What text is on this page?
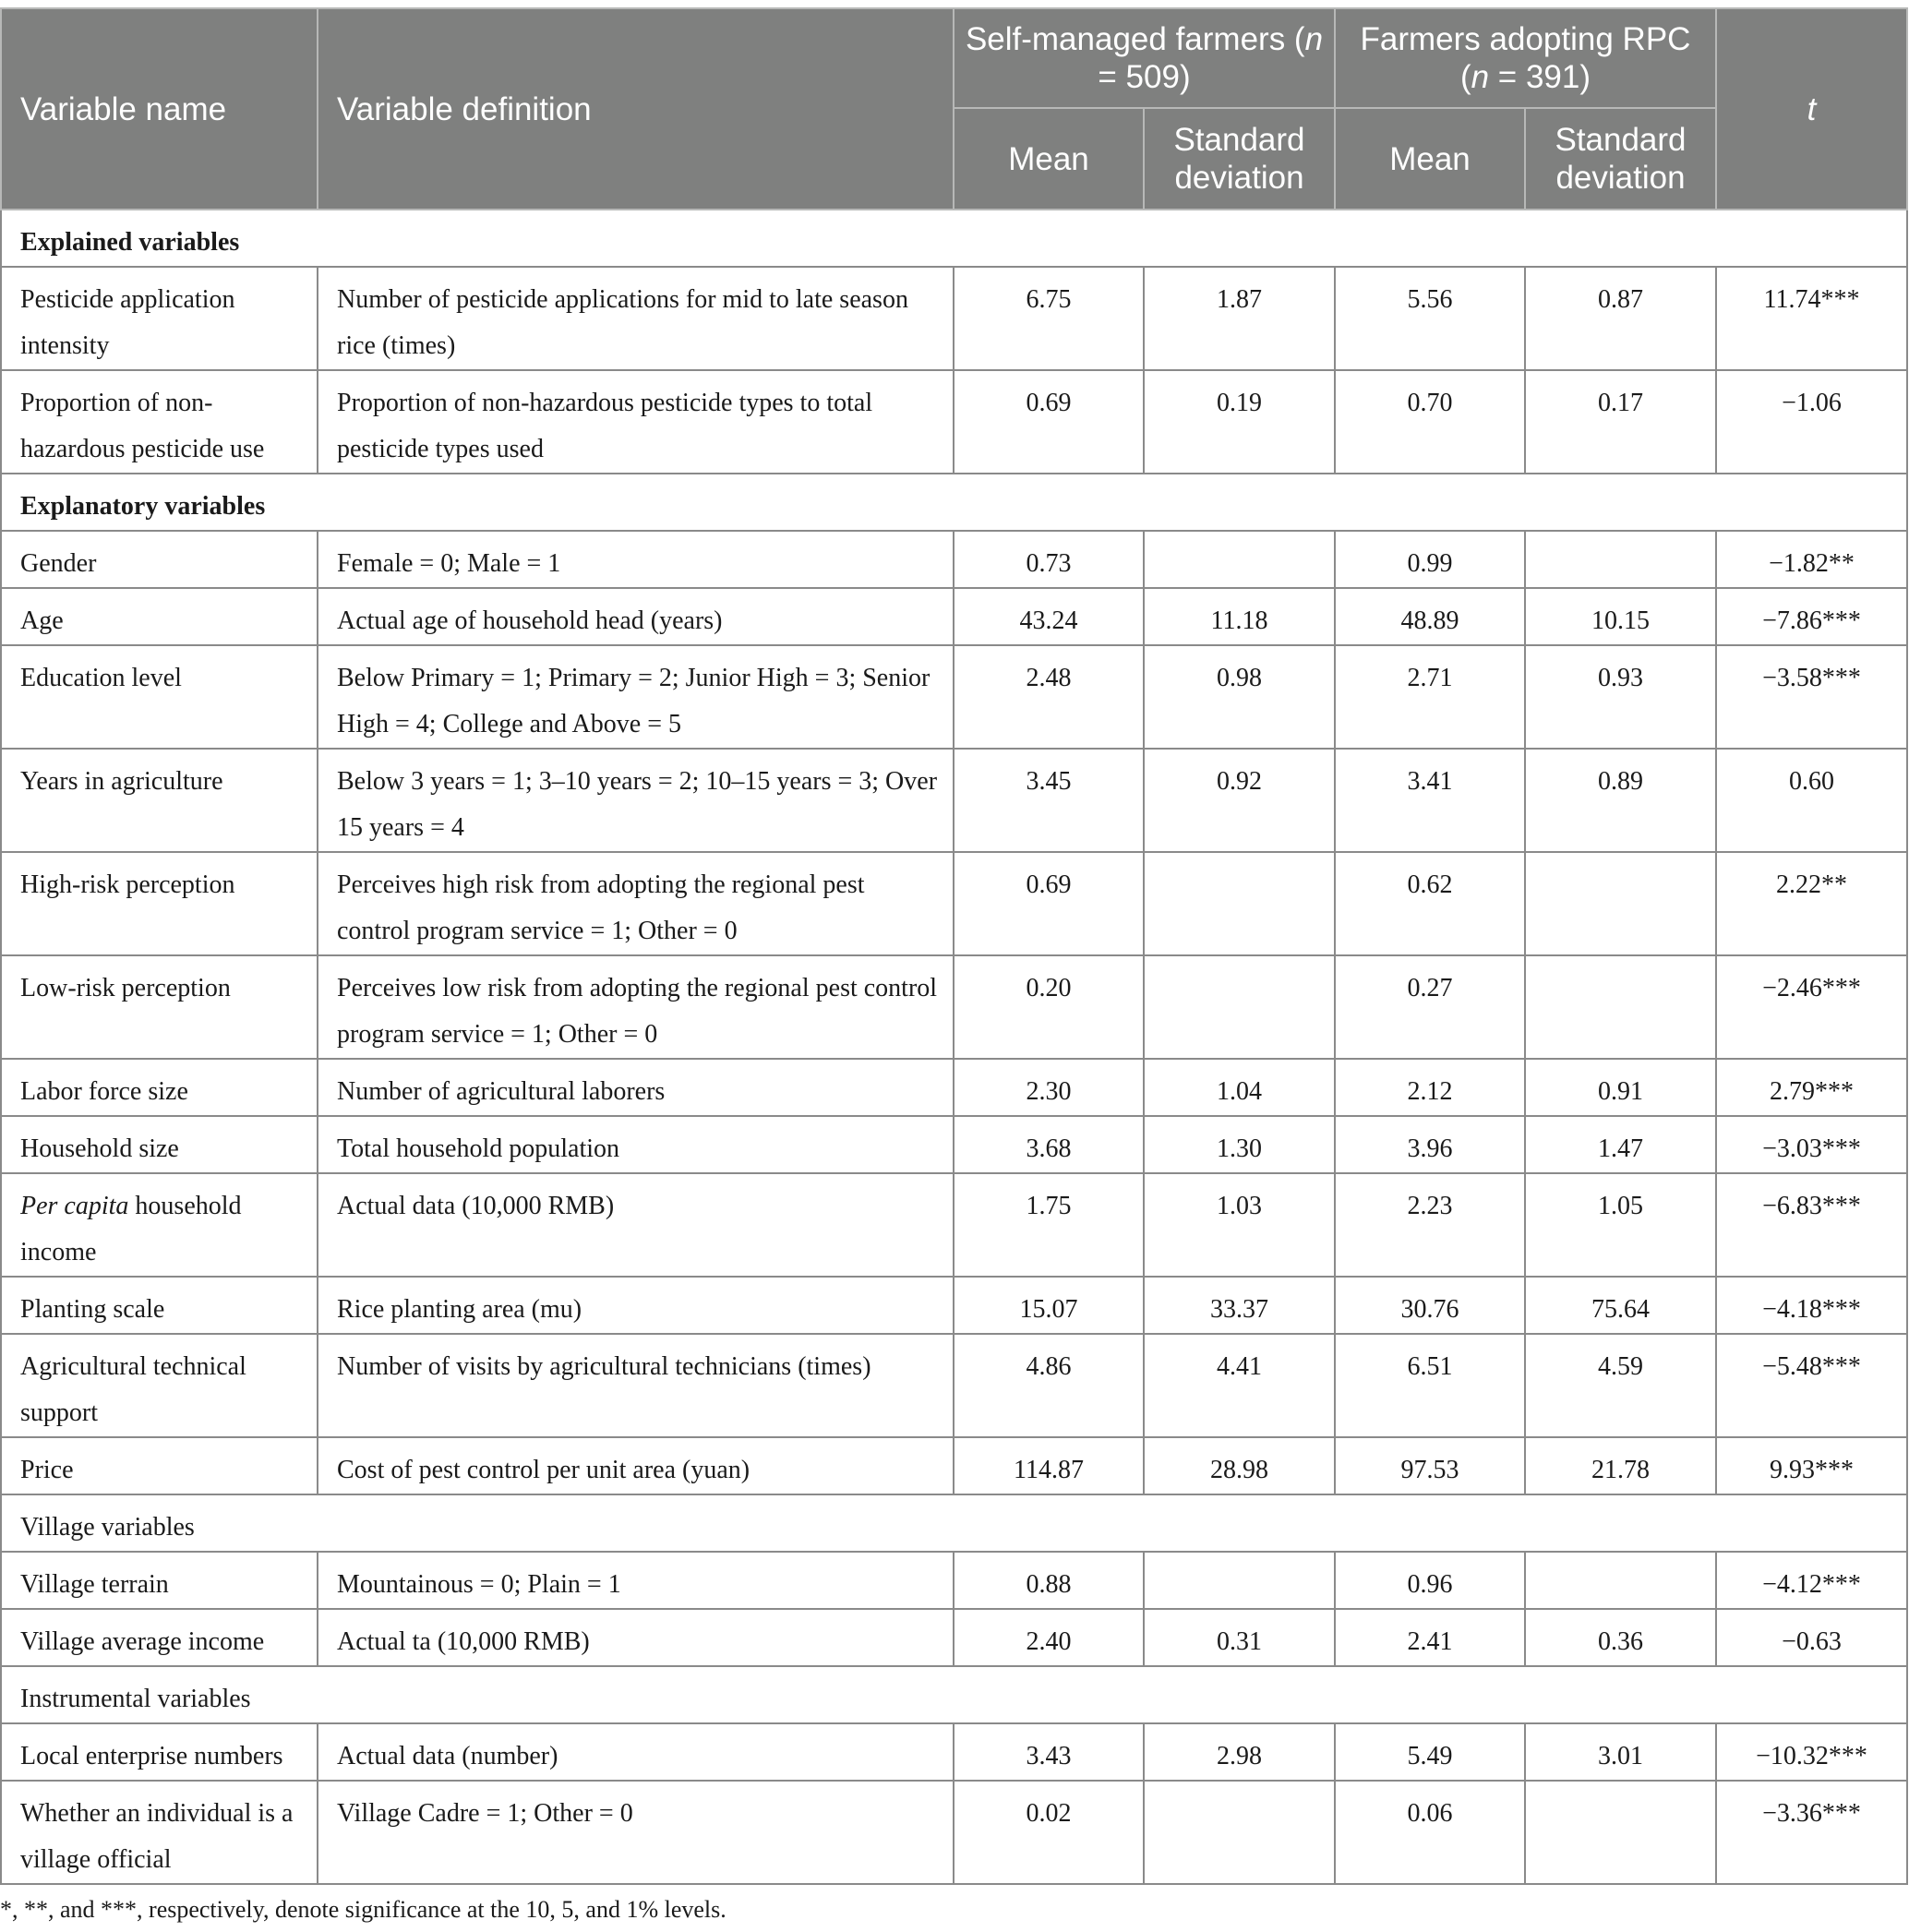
Variable name	Variable definition	Self-managed farmers (n = 509)		Farmers adopting RPC (n = 391)		t
		Mean	Standard deviation	Mean	Standard deviation	
Explained variables						
Pesticide application intensity	Number of pesticide applications for mid to late season rice (times)	6.75	1.87	5.56	0.87	11.74***
Proportion of non-hazardous pesticide use	Proportion of non-hazardous pesticide types to total pesticide types used	0.69	0.19	0.70	0.17	−1.06
Explanatory variables						
Gender	Female = 0; Male = 1	0.73		0.99		−1.82**
Age	Actual age of household head (years)	43.24	11.18	48.89	10.15	−7.86***
Education level	Below Primary = 1; Primary = 2; Junior High = 3; Senior High = 4; College and Above = 5	2.48	0.98	2.71	0.93	−3.58***
Years in agriculture	Below 3 years = 1; 3–10 years = 2; 10–15 years = 3; Over 15 years = 4	3.45	0.92	3.41	0.89	0.60
High-risk perception	Perceives high risk from adopting the regional pest control program service = 1; Other = 0	0.69		0.62		2.22**
Low-risk perception	Perceives low risk from adopting the regional pest control program service = 1; Other = 0	0.20		0.27		−2.46***
Labor force size	Number of agricultural laborers	2.30	1.04	2.12	0.91	2.79***
Household size	Total household population	3.68	1.30	3.96	1.47	−3.03***
Per capita household income	Actual data (10,000 RMB)	1.75	1.03	2.23	1.05	−6.83***
Planting scale	Rice planting area (mu)	15.07	33.37	30.76	75.64	−4.18***
Agricultural technical support	Number of visits by agricultural technicians (times)	4.86	4.41	6.51	4.59	−5.48***
Price	Cost of pest control per unit area (yuan)	114.87	28.98	97.53	21.78	9.93***
Village variables						
Village terrain	Mountainous = 0; Plain = 1	0.88		0.96		−4.12***
Village average income	Actual ta (10,000 RMB)	2.40	0.31	2.41	0.36	−0.63
Instrumental variables						
Local enterprise numbers	Actual data (number)	3.43	2.98	5.49	3.01	−10.32***
Whether an individual is a village official	Village Cadre = 1; Other = 0	0.02		0.06		−3.36***
*, **, and ***, respectively, denote significance at the 10, 5, and 1% levels.
